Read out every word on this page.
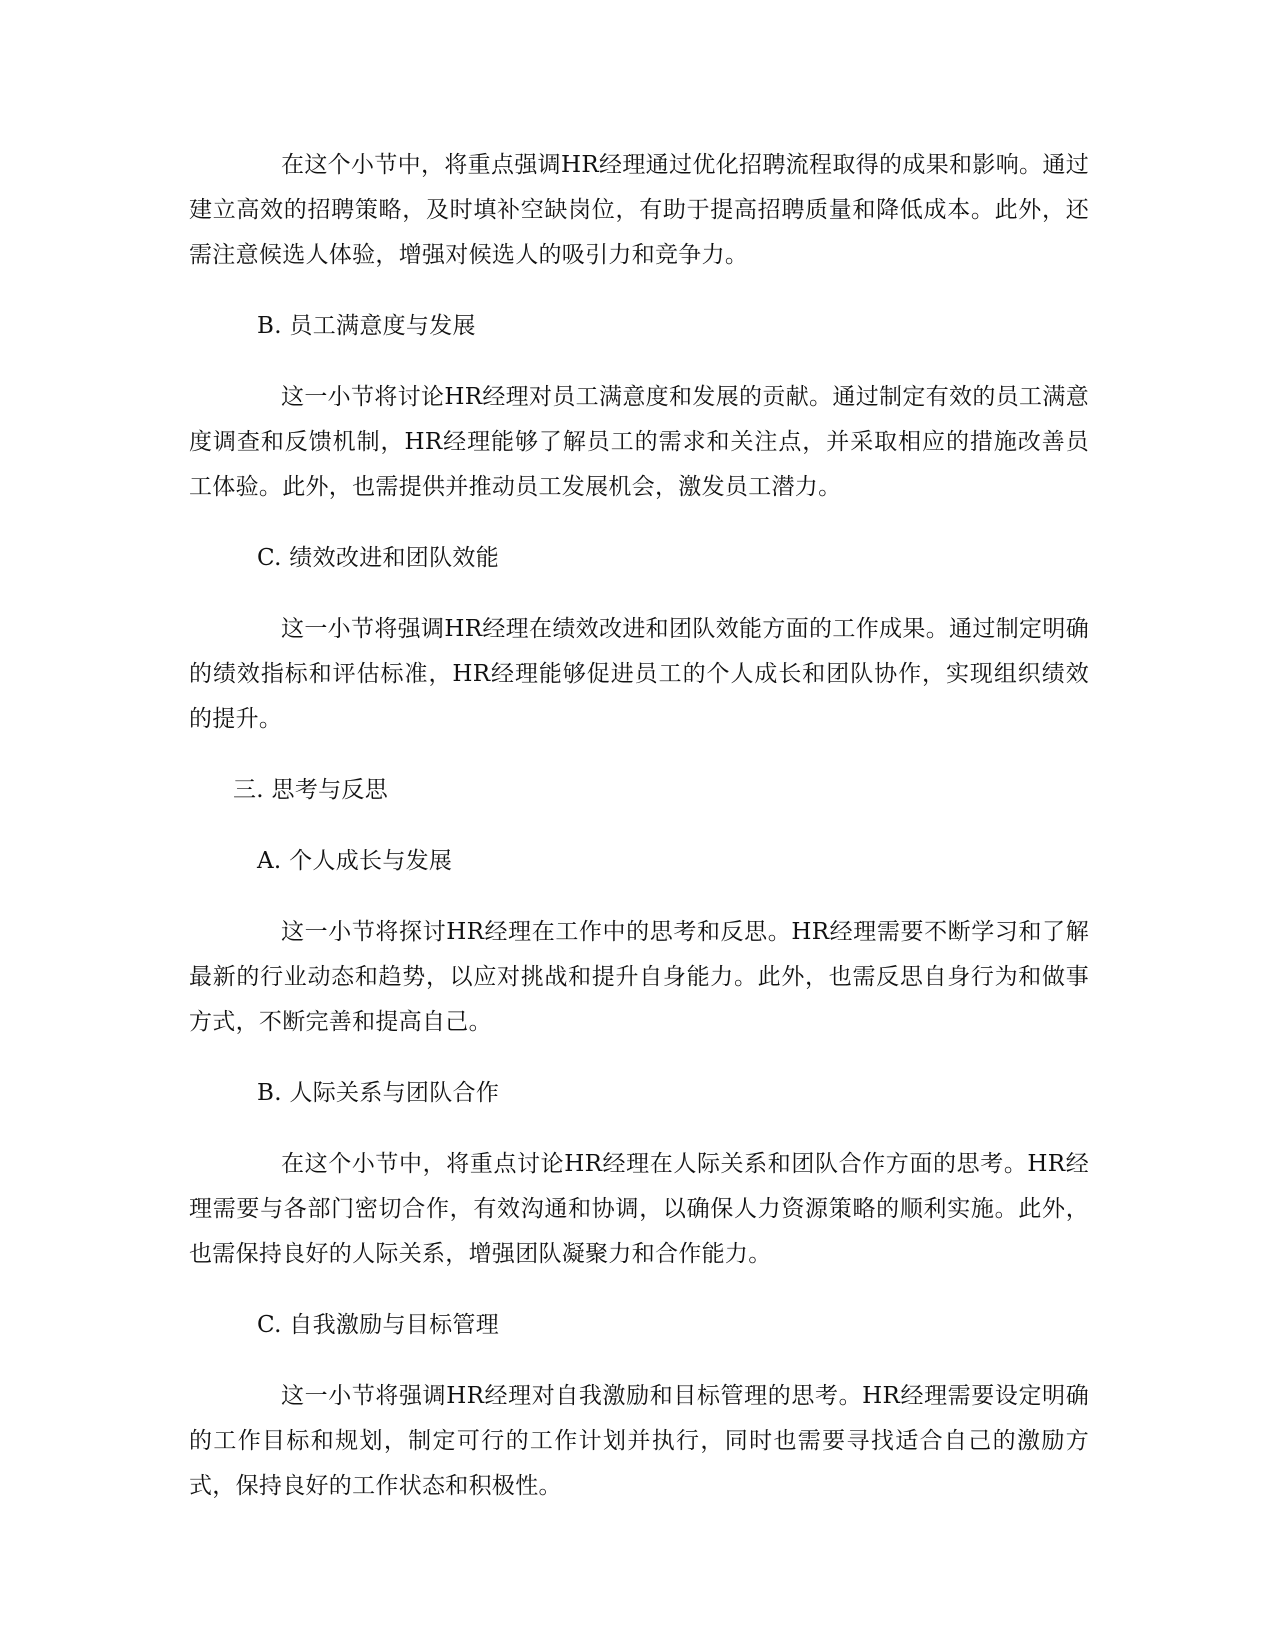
在这个小节中，将重点强调HR经理通过优化招聘流程取得的成果和影响。通过建立高效的招聘策略，及时填补空缺岗位，有助于提高招聘质量和降低成本。此外，还需注意候选人体验，增强对候选人的吸引力和竞争力。

B. 员工满意度与发展

这一小节将讨论HR经理对员工满意度和发展的贡献。通过制定有效的员工满意度调查和反馈机制，HR经理能够了解员工的需求和关注点，并采取相应的措施改善员工体验。此外，也需提供并推动员工发展机会，激发员工潜力。

C. 绩效改进和团队效能

这一小节将强调HR经理在绩效改进和团队效能方面的工作成果。通过制定明确的绩效指标和评估标准，HR经理能够促进员工的个人成长和团队协作，实现组织绩效的提升。

三. 思考与反思

A. 个人成长与发展

这一小节将探讨HR经理在工作中的思考和反思。HR经理需要不断学习和了解最新的行业动态和趋势，以应对挑战和提升自身能力。此外，也需反思自身行为和做事方式，不断完善和提高自己。

B. 人际关系与团队合作

在这个小节中，将重点讨论HR经理在人际关系和团队合作方面的思考。HR经理需要与各部门密切合作，有效沟通和协调，以确保人力资源策略的顺利实施。此外，也需保持良好的人际关系，增强团队凝聚力和合作能力。

C. 自我激励与目标管理

这一小节将强调HR经理对自我激励和目标管理的思考。HR经理需要设定明确的工作目标和规划，制定可行的工作计划并执行，同时也需要寻找适合自己的激励方式，保持良好的工作状态和积极性。
